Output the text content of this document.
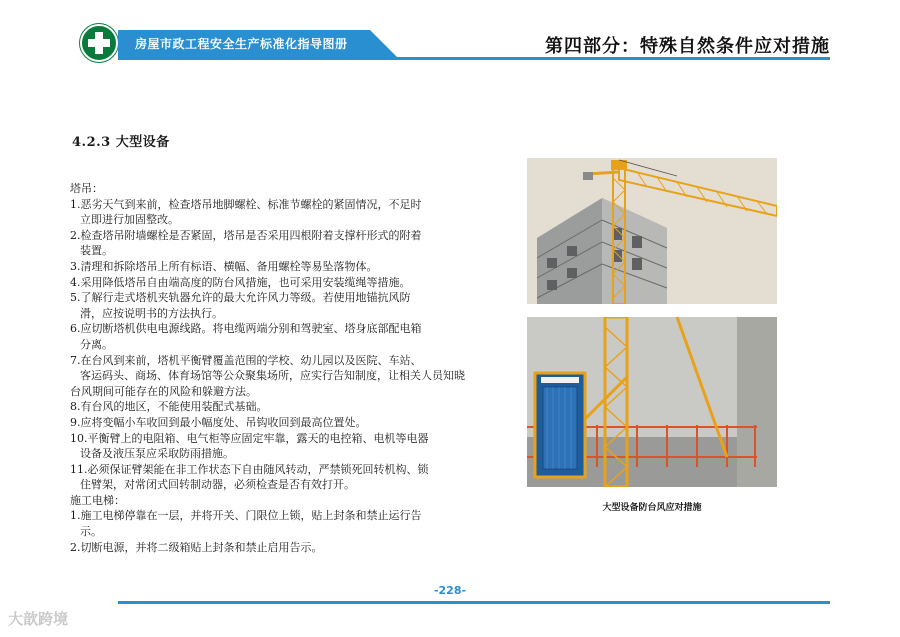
房屋市政工程安全生产标准化指导图册	第四部分：特殊自然条件应对措施
4.2.3 大型设备

塔吊：

1.恶劣天气到来前，检查塔吊地脚螺栓、标准节螺栓的紧固情况，不足时
立即进行加固整改。

2.检查塔吊附墙螺栓是否紧固，塔吊是否采用四根附着支撑杆形式的附着
装置。

3.清理和拆除塔吊上所有标语、横幅、备用螺栓等易坠落物体。

4.采用降低塔吊自由端高度的防台风措施，也可采用安装缆绳等措施。

5.了解行走式塔机夹轨器允许的最大允许风力等级。若使用地锚抗风防
滑，应按说明书的方法执行。

6.应切断塔机供电电源线路。将电缆两端分别和驾驶室、塔身底部配电箱
分离。

7.在台风到来前，塔机平衡臂覆盖范围的学校、幼儿园以及医院、车站、
客运码头、商场、体育场馆等公众聚集场所，应实行告知制度，让相关人员知晓台风期间可能存在的风险和躲避方法。

8.有台风的地区，不能使用装配式基础。

9.应将变幅小车收回到最小幅度处、吊钩收回到最高位置处。

10.平衡臂上的电阻箱、电气柜等应固定牢靠，露天的电控箱、电机等电器
设备及液压泵应采取防雨措施。

11.必须保证臂架能在非工作状态下自由随风转动，严禁锁死回转机构、锁
住臂架，对常闭式回转制动器，必须检查是否有效打开。

施工电梯：

1.施工电梯停靠在一层，并将开关、门限位上锁，贴上封条和禁止运行告
示。

2.切断电源，并将二级箱贴上封条和禁止启用告示。

大型设备防台风应对措施
-228-
大歆跨境
